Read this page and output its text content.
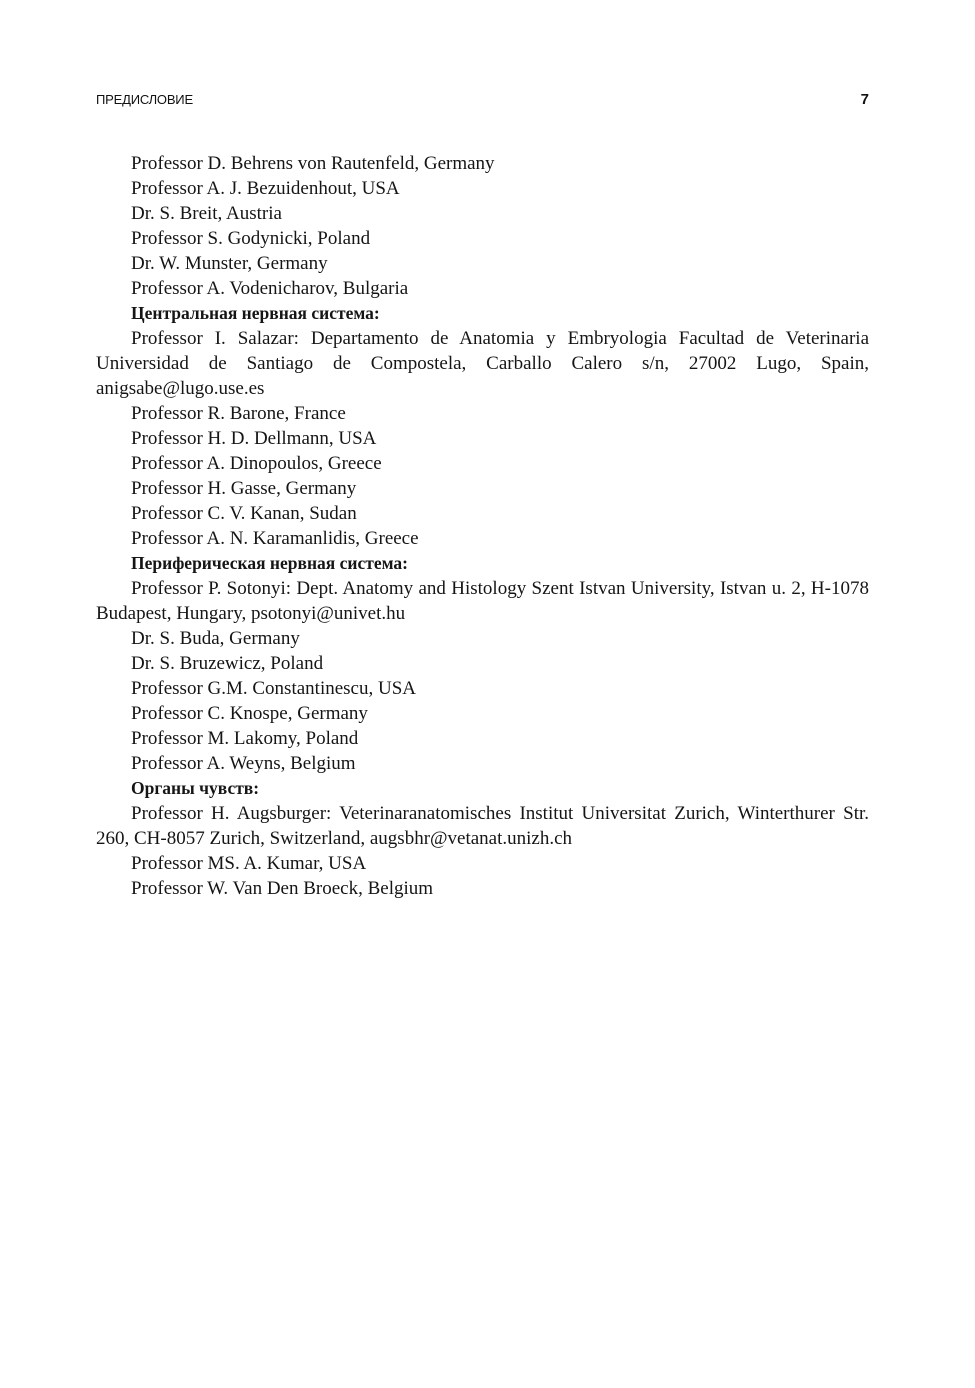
ПРЕДИСЛОВИЕ	7

Professor D. Behrens von Rautenfeld, Germany

Professor A. J. Bezuidenhout, USA

Dr. S. Breit, Austria

Professor S. Godynicki, Poland

Dr. W. Munster, Germany

Professor A. Vodenicharov, Bulgaria

Центральная нервная система:

Professor I. Salazar: Departamento de Anatomia y Embryologia Facultad de Veterinaria Universidad de Santiago de Compostela, Carballo Calero s/n, 27002 Lugo, Spain, anigsabe@lugo.use.es

Professor R. Barone, France

Professor H. D. Dellmann, USA

Professor A. Dinopoulos, Greece

Professor H. Gasse, Germany

Professor C. V. Kanan, Sudan

Professor A. N. Karamanlidis, Greece

Периферическая нервная система:

Professor P. Sotonyi: Dept. Anatomy and Histology Szent Istvan University, Istvan u. 2, H-1078 Budapest, Hungary, psotonyi@univet.hu

Dr. S. Buda, Germany

Dr. S. Bruzewicz, Poland

Professor G.M. Constantinescu, USA

Professor C. Knospe, Germany

Professor M. Lakomy, Poland

Professor A. Weyns, Belgium

Органы чувств:

Professor H. Augsburger: Veterinaranatomisches Institut Universitat Zurich, Winterthurer Str. 260, CH-8057 Zurich, Switzerland, augsbhr@vetanat.unizh.ch

Professor MS. A. Kumar, USA

Professor W. Van Den Broeck, Belgium
